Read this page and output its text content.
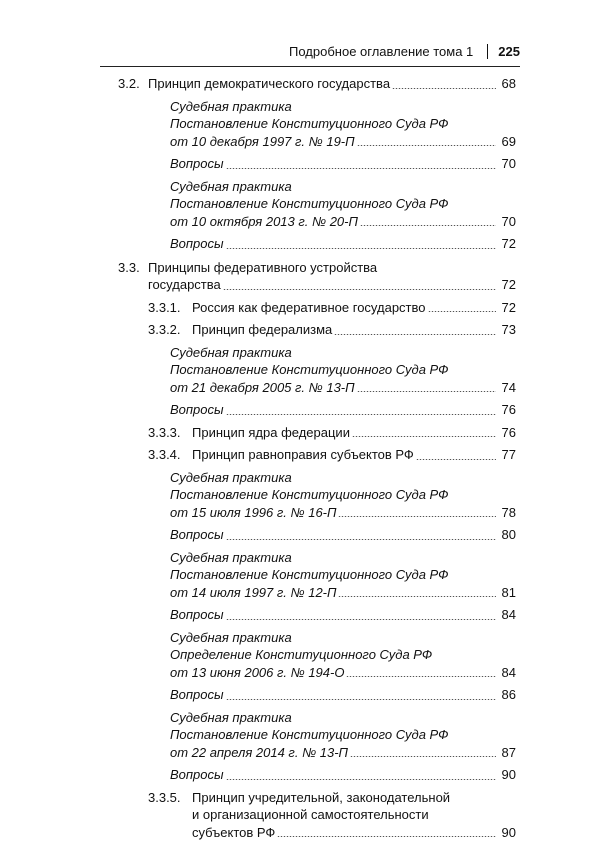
Подробное оглавление тома 1 225
3.2. Принцип демократического государства	68
Судебная практика
Постановление Конституционного Суда РФ
от 10 декабря 1997 г. № 19-П	69
Вопросы	70
Судебная практика
Постановление Конституционного Суда РФ
от 10 октября 2013 г. № 20-П	70
Вопросы	72
3.3. Принципы федеративного устройства
государства	72
3.3.1. Россия как федеративное государство	72
3.3.2. Принцип федерализма	73
Судебная практика
Постановление Конституционного Суда РФ
от 21 декабря 2005 г. № 13-П	74
Вопросы	76
3.3.3. Принцип ядра федерации	76
3.3.4. Принцип равноправия субъектов РФ	77
Судебная практика
Постановление Конституционного Суда РФ
от 15 июля 1996 г. № 16-П	78
Вопросы	80
Судебная практика
Постановление Конституционного Суда РФ
от 14 июля 1997 г. № 12-П	81
Вопросы	84
Судебная практика
Определение Конституционного Суда РФ
от 13 июня 2006 г. № 194-О	84
Вопросы	86
Судебная практика
Постановление Конституционного Суда РФ
от 22 апреля 2014 г. № 13-П	87
Вопросы	90
3.3.5. Принцип учредительной, законодательной
и организационной самостоятельности
субъектов РФ	90
